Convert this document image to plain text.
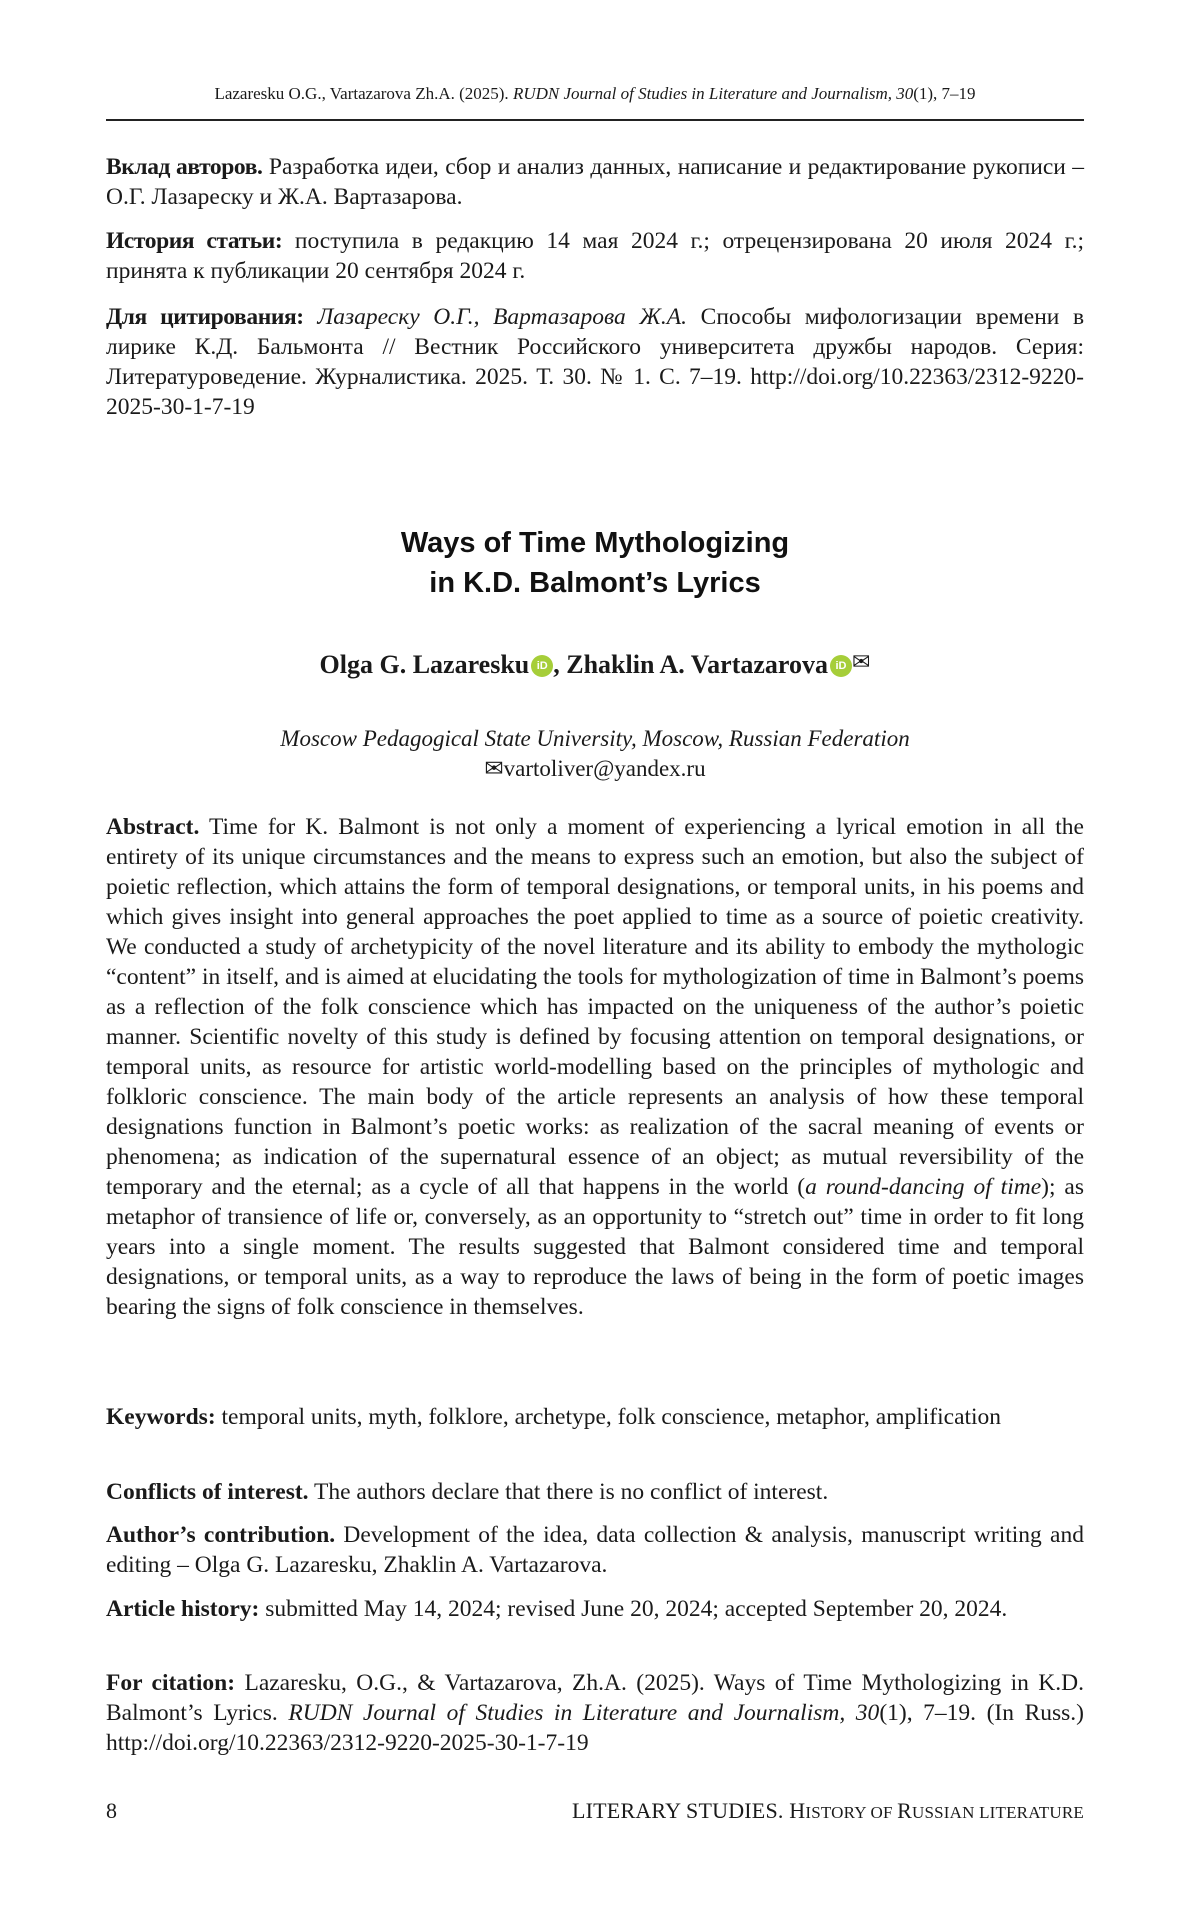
Lazaresku O.G., Vartazarova Zh.A. (2025). RUDN Journal of Studies in Literature and Journalism, 30(1), 7–19
Вклад авторов. Разработка идеи, сбор и анализ данных, написание и редактирование рукописи – О.Г. Лазареску и Ж.А. Вартазарова.
История статьи: поступила в редакцию 14 мая 2024 г.; отрецензирована 20 июля 2024 г.; принята к публикации 20 сентября 2024 г.
Для цитирования: Лазареску О.Г., Вартазарова Ж.А. Способы мифологизации времени в лирике К.Д. Бальмонта // Вестник Российского университета дружбы народов. Серия: Литературоведение. Журналистика. 2025. Т. 30. № 1. С. 7–19. http://doi.org/10.22363/2312-9220-2025-30-1-7-19
Ways of Time Mythologizing
in K.D. Balmont’s Lyrics
Olga G. Lazaresku iD , Zhaklin A. Vartazarova iD ✉
Moscow Pedagogical State University, Moscow, Russian Federation
✉vartoliver@yandex.ru
Abstract. Time for K. Balmont is not only a moment of experiencing a lyrical emotion in all the entirety of its unique circumstances and the means to express such an emotion, but also the subject of poietic reflection, which attains the form of temporal designations, or temporal units, in his poems and which gives insight into general approaches the poet applied to time as a source of poietic creativity. We conducted a study of archetypicity of the novel literature and its ability to embody the mythologic “content” in itself, and is aimed at elucidating the tools for mythologization of time in Balmont’s poems as a reflection of the folk conscience which has impacted on the uniqueness of the author’s poietic manner. Scientific novelty of this study is defined by focusing attention on temporal designations, or temporal units, as resource for artistic world-modelling based on the principles of mythologic and folkloric conscience. The main body of the article represents an analysis of how these temporal designations function in Balmont’s poetic works: as realization of the sacral meaning of events or phenomena; as indication of the supernatural essence of an object; as mutual reversibility of the temporary and the eternal; as a cycle of all that happens in the world (a round-dancing of time); as metaphor of transience of life or, conversely, as an opportunity to “stretch out” time in order to fit long years into a single moment. The results suggested that Balmont considered time and temporal designations, or temporal units, as a way to reproduce the laws of being in the form of poetic images bearing the signs of folk conscience in themselves.
Keywords: temporal units, myth, folklore, archetype, folk conscience, metaphor, amplification
Conflicts of interest. The authors declare that there is no conflict of interest.
Author’s contribution. Development of the idea, data collection & analysis, manuscript writing and editing – Olga G. Lazaresku, Zhaklin A. Vartazarova.
Article history: submitted May 14, 2024; revised June 20, 2024; accepted September 20, 2024.
For citation: Lazaresku, O.G., & Vartazarova, Zh.A. (2025). Ways of Time Mythologizing in K.D. Balmont’s Lyrics. RUDN Journal of Studies in Literature and Journalism, 30(1), 7–19. (In Russ.) http://doi.org/10.22363/2312-9220-2025-30-1-7-19
8	LITERARY STUDIES. HISTORY OF RUSSIAN LITERATURE
